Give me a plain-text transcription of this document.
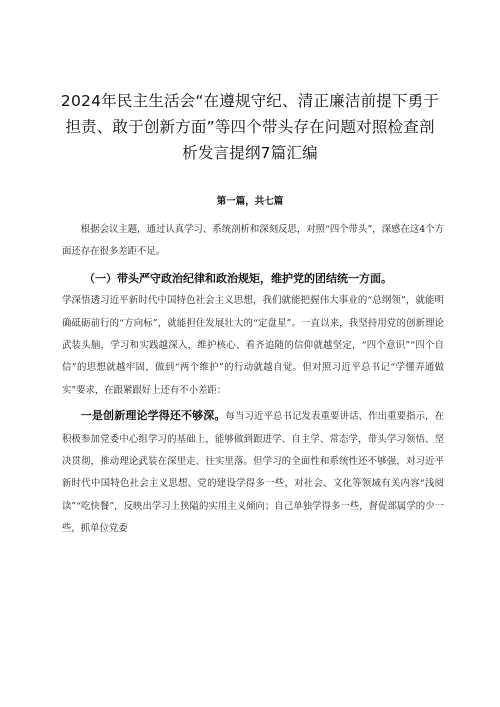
2024年民主生活会“在遵规守纪、清正廉洁前提下勇于担责、敢于创新方面”等四个带头存在问题对照检查剖析发言提纲7篇汇编
第一篇，共七篇

根据会议主题，通过认真学习、系统剖析和深刻反思，对照“四个带头”，深感在这4个方面还存在很多差距不足。

（一）带头严守政治纪律和政治规矩，维护党的团结统一方面。

学深悟透习近平新时代中国特色社会主义思想，我们就能把握伟大事业的“总纲领”，就能明确砥砺前行的“方向标”，就能担住发展壮大的“定盘星”。一直以来，我坚持用党的创新理论武装头脑，学习和实践越深入，维护核心、看齐追随的信仰就越坚定，“四个意识”“四个自信”的思想就越牢固，做到“两个维护”的行动就越自觉。但对照习近平总书记“学懂弄通做实”要求，在跟紧跟好上还有不小差距：

一是创新理论学得还不够深。每当习近平总书记发表重要讲话、作出重要指示，在积极参加党委中心组学习的基础上，能够做到跟进学、自主学、常态学，带头学习领悟、坚决贯彻，推动理论武装在深里走、往实里落。但学习的全面性和系统性还不够强，对习近平新时代中国特色社会主义思想、党的建设学得多一些，对社会、文化等领域有关内容“浅阅读”“吃快餐”，反映出学习上狭隘的实用主义倾向；自己单独学得多一些，督促部属学的少一些，抓单位党委
